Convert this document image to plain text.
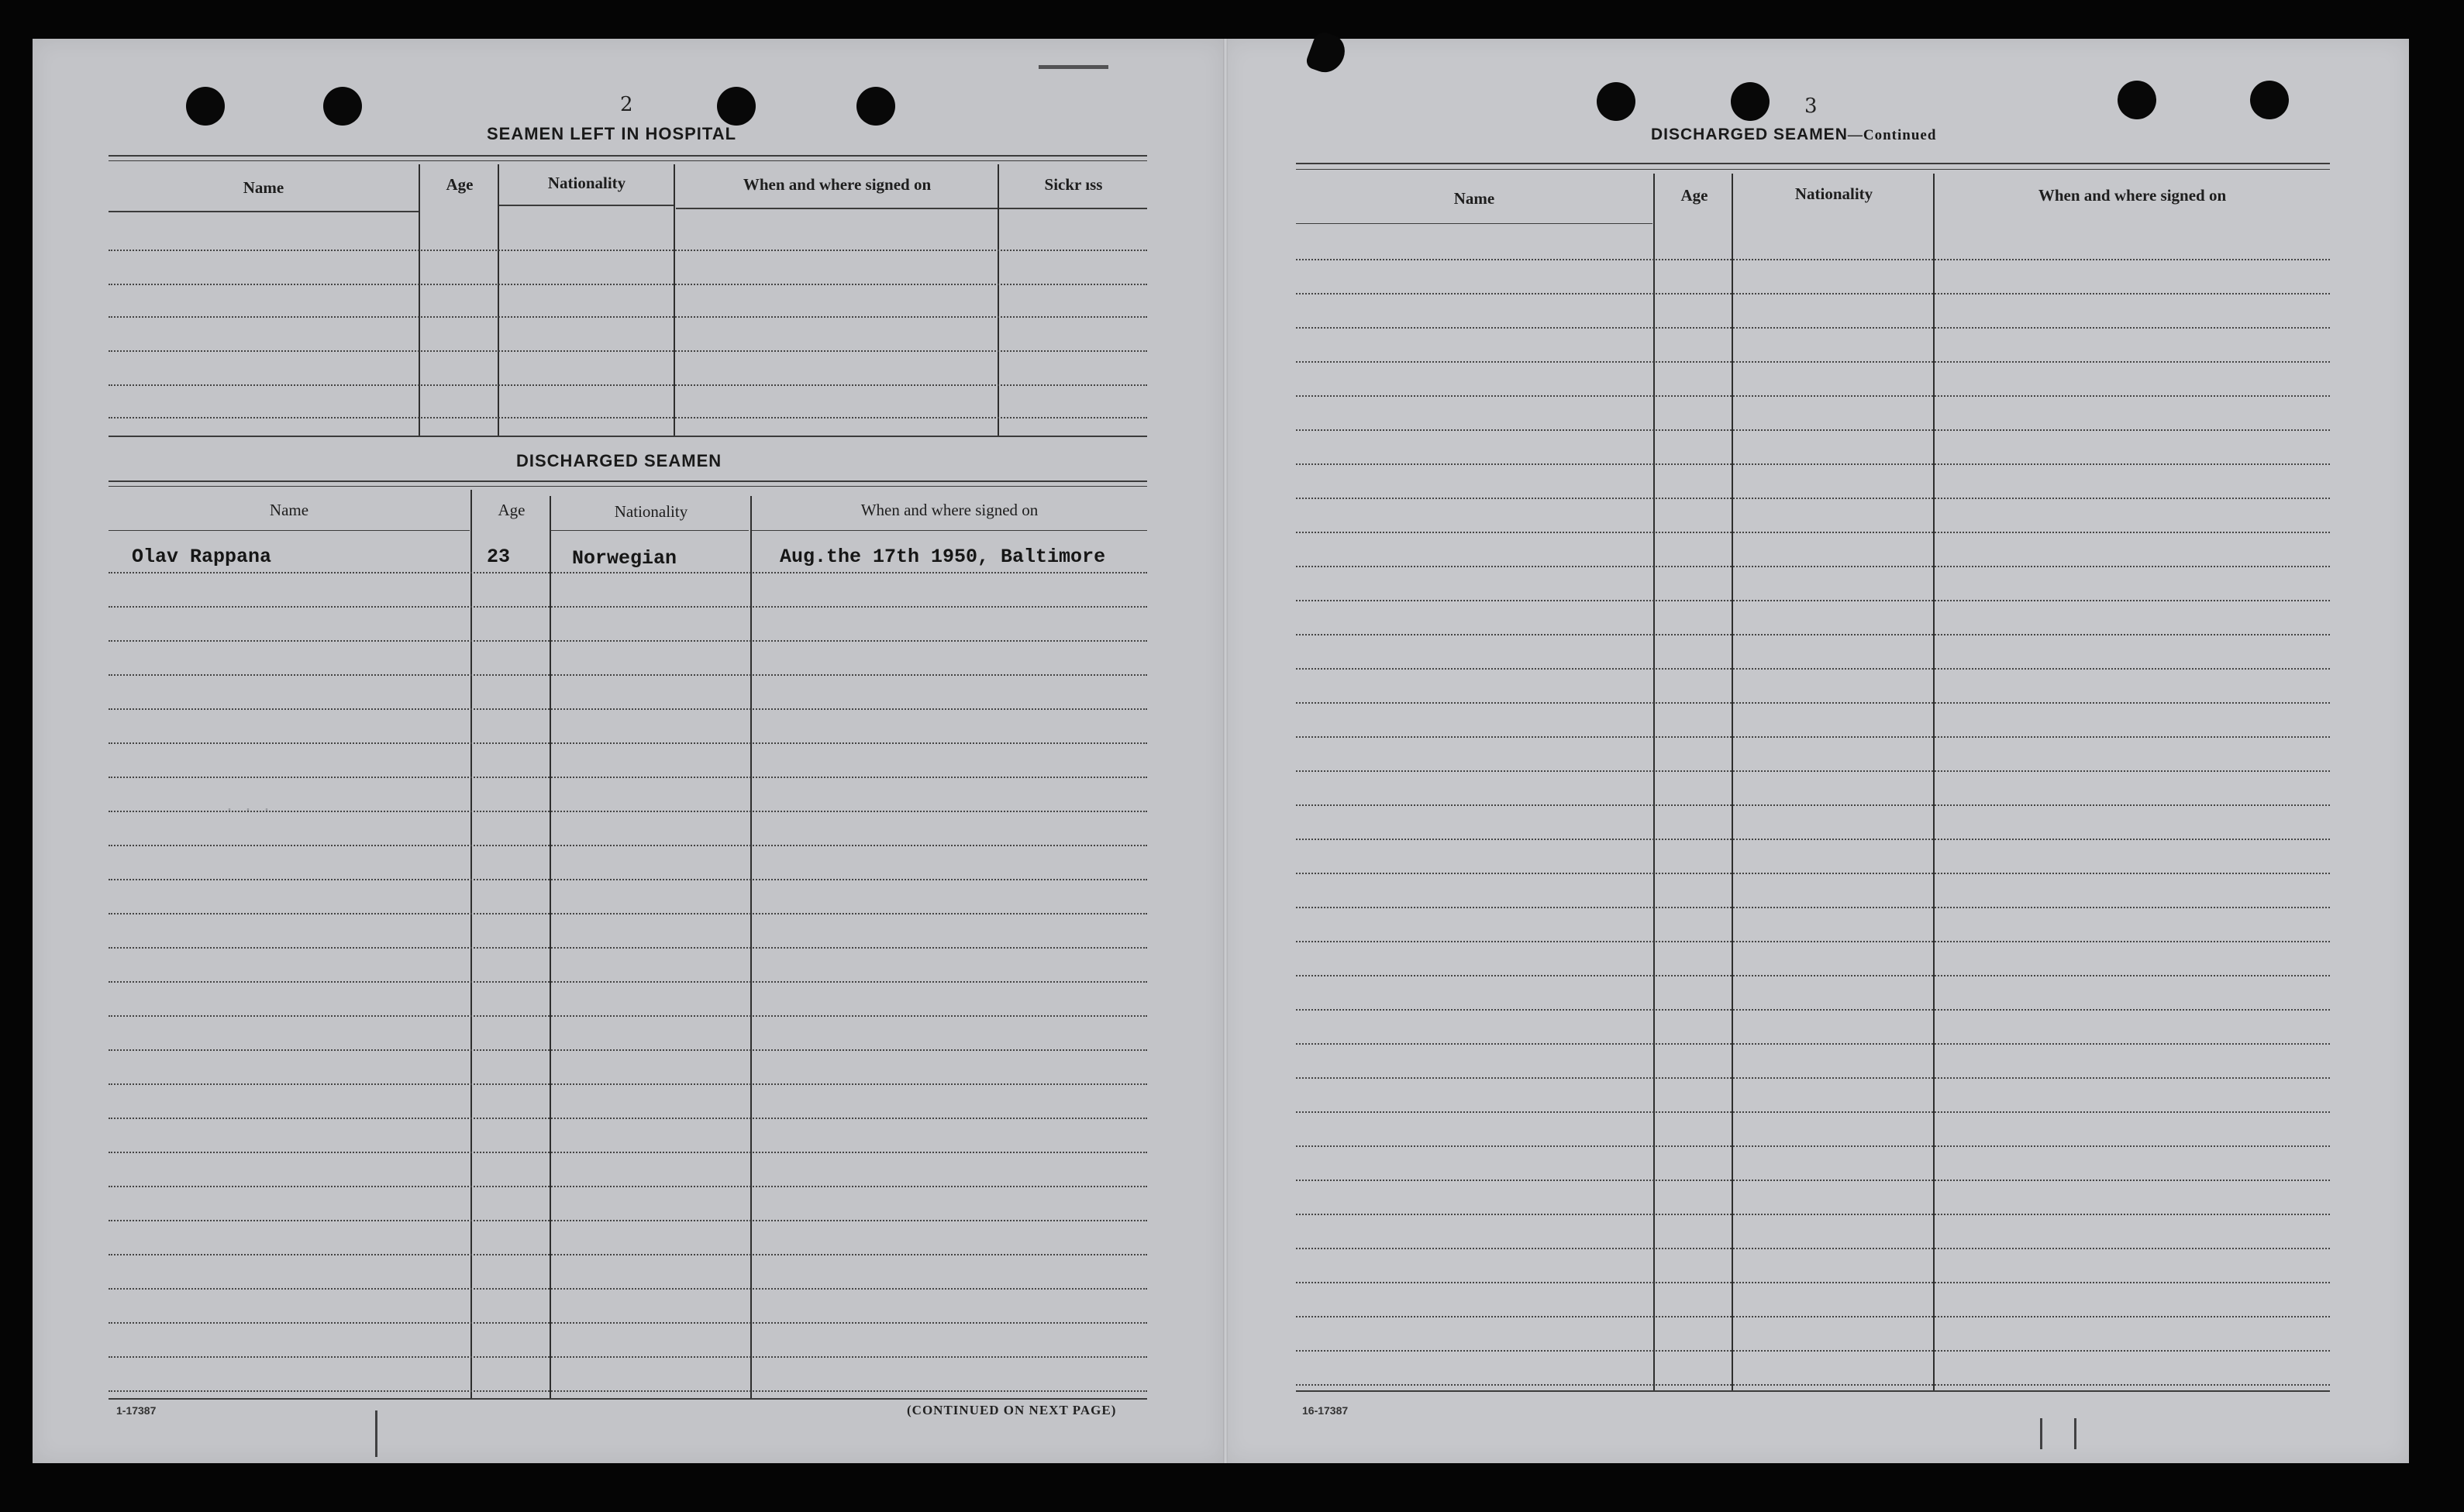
2
SEAMEN LEFT IN HOSPITAL
Name	Age	Nationality	When and where signed on	Sickr ıss
DISCHARGED SEAMEN
Name	Age	Nationality	When and where signed on
Olav Rappana	23	Norwegian	Aug.the 17th 1950, Baltimore
. . .
1-17387	(CONTINUED ON NEXT PAGE)
3
DISCHARGED SEAMEN—Continued
Name	Age	Nationality	When and where signed on
16-17387
